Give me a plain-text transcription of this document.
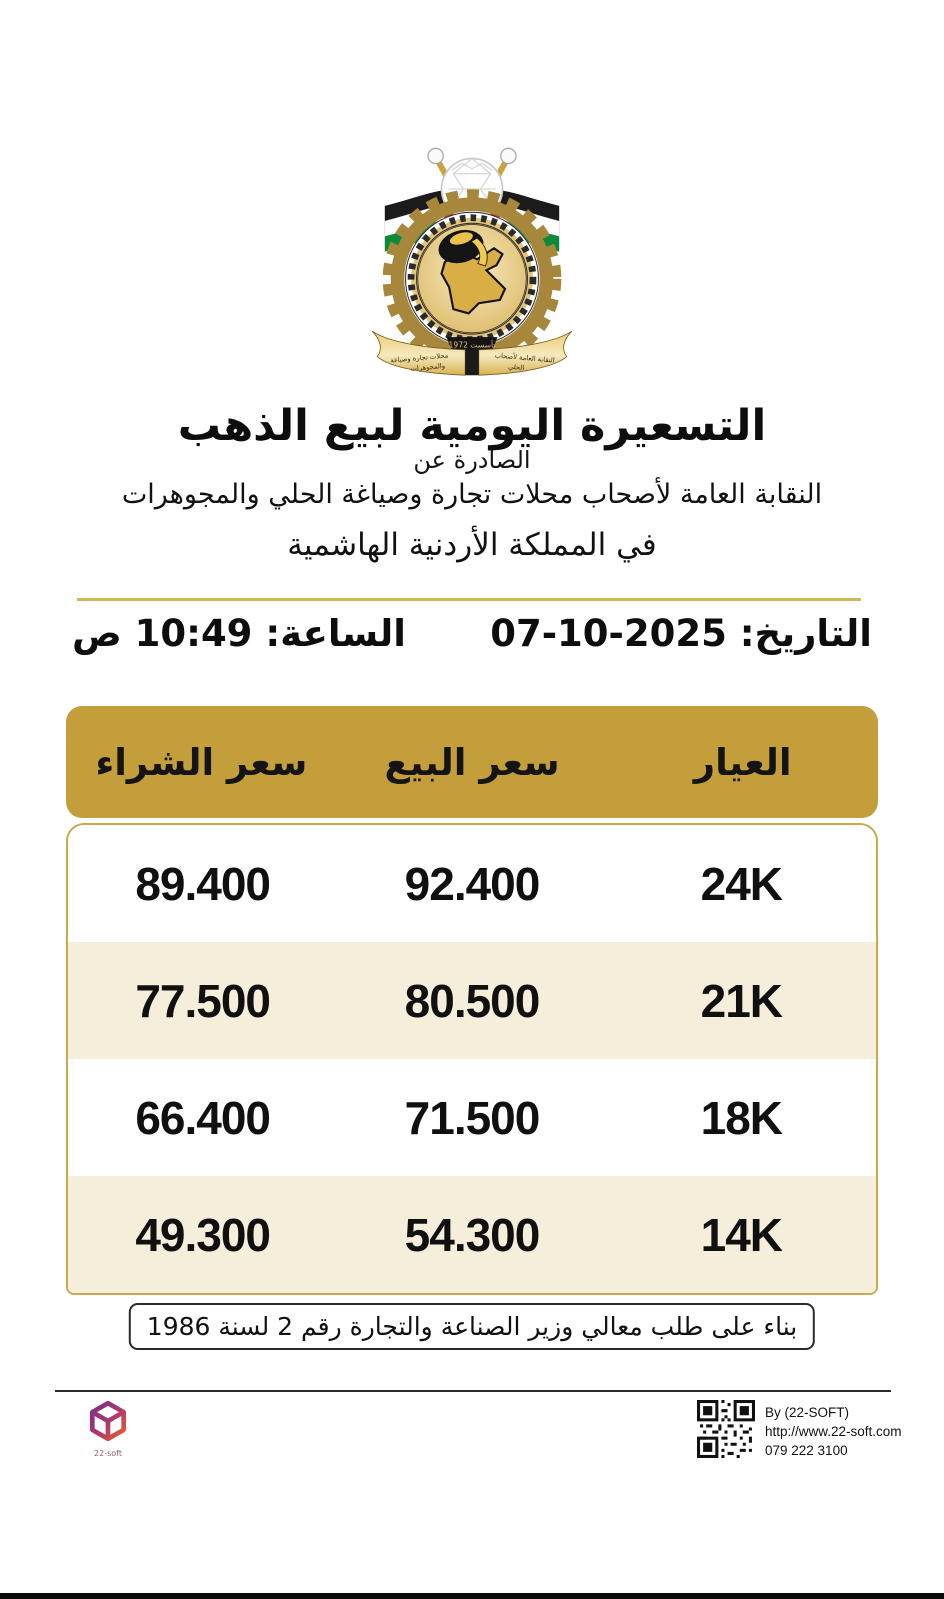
تأسست 1972
النقابة العامة لأصحاب
الحلي
محلات تجارة وصياغة
والمجوهرات
التسعيرة اليومية لبيع الذهب
الصادرة عن
النقابة العامة لأصحاب محلات تجارة وصياغة الحلي والمجوهرات
في المملكة الأردنية الهاشمية
التاريخ: 07-10-2025
الساعة: 10:49 ص
العيار
سعر البيع
سعر الشراء
24K
92.400
89.400
21K
80.500
77.500
18K
71.500
66.400
14K
54.300
49.300
بناء على طلب معالي وزير الصناعة والتجارة رقم 2 لسنة 1986
22-soft
By (22-SOFT)
http://www.22-soft.com
079 222 3100
